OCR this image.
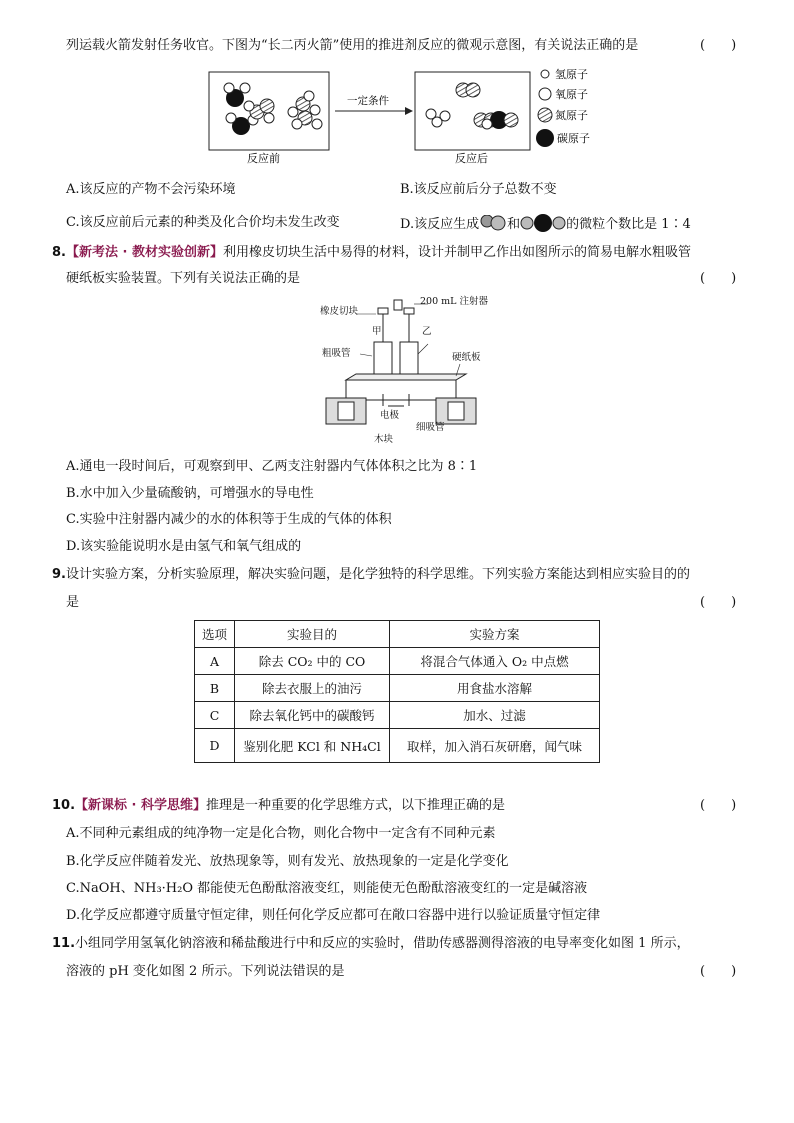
列运载火箭发射任务收官。下图为“长二丙火箭”使用的推进剂反应的微观示意图，有关说法正确的是	(　　)
反应前
一定条件
反应后
氢原子
氧原子
氮原子
碳原子
A.该反应的产物不会污染环境	B.该反应前后分子总数不变
C.该反应前后元素的种类及化合价均未发生改变	D.该反应生成 和	的微粒个数比是 1∶4
8.【新考法 · 教材实验创新】利用橡皮切块生活中易得的材料，设计并制甲乙作出如图所示的简易电解水粗吸管
硬纸板实验装置。下列有关说法正确的是	(　　)
200 mL 注射器
橡皮切块
甲	乙
粗吸管	硬纸板
电极
细吸管
木块
A.通电一段时间后，可观察到甲、乙两支注射器内气体体积之比为 8∶1
B.水中加入少量硫酸钠，可增强水的导电性
C.实验中注射器内减少的水的体积等于生成的气体的体积
D.该实验能说明水是由氢气和氧气组成的
9.设计实验方案，分析实验原理，解决实验问题，是化学独特的科学思维。下列实验方案能达到相应实验目的的
是	(　　)
选项	实验目的	实验方案
A	除去 CO₂ 中的 CO	将混合气体通入 O₂ 中点燃
B	除去衣服上的油污	用食盐水溶解
C	除去氧化钙中的碳酸钙	加水、过滤
D	鉴别化肥 KCl 和 NH₄Cl	取样，加入消石灰研磨，闻气味
10.【新课标 · 科学思维】推理是一种重要的化学思维方式，以下推理正确的是	(　　)
A.不同种元素组成的纯净物一定是化合物，则化合物中一定含有不同种元素
B.化学反应伴随着发光、放热现象等，则有发光、放热现象的一定是化学变化
C.NaOH、NH₃·H₂O 都能使无色酚酞溶液变红，则能使无色酚酞溶液变红的一定是碱溶液
D.化学反应都遵守质量守恒定律，则任何化学反应都可在敞口容器中进行以验证质量守恒定律
11.小组同学用氢氧化钠溶液和稀盐酸进行中和反应的实验时，借助传感器测得溶液的电导率变化如图 1 所示，
溶液的 pH 变化如图 2 所示。下列说法错误的是	(　　)
